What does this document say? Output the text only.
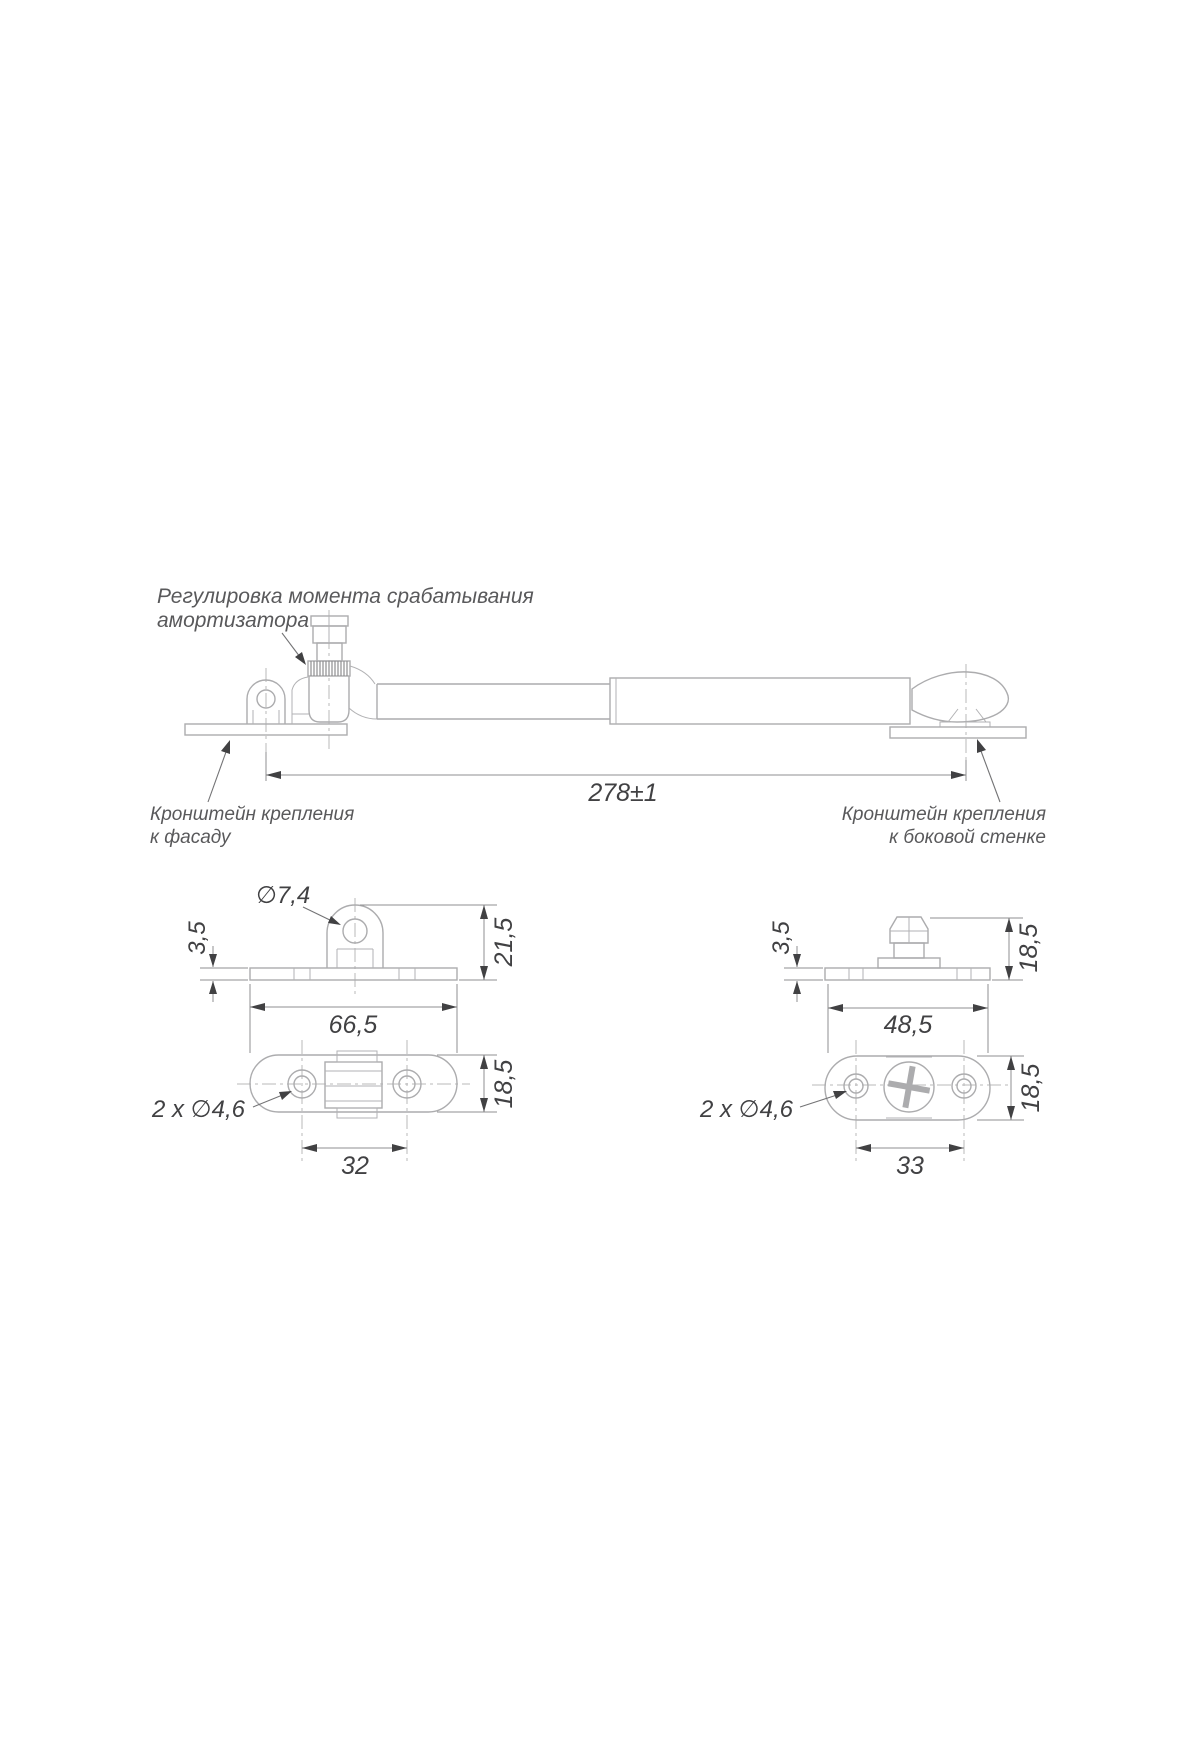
278±1
Регулировка момента срабатывания
амортизатора
Кронштейн крепления
к фасаду
Кронштейн крепления
к боковой стенке
∅7,4
3,5	21,5
66,5
2 x ∅4,6
18,5
32
3,5
48,5
18,5
2 x ∅4,6
33
18,5
